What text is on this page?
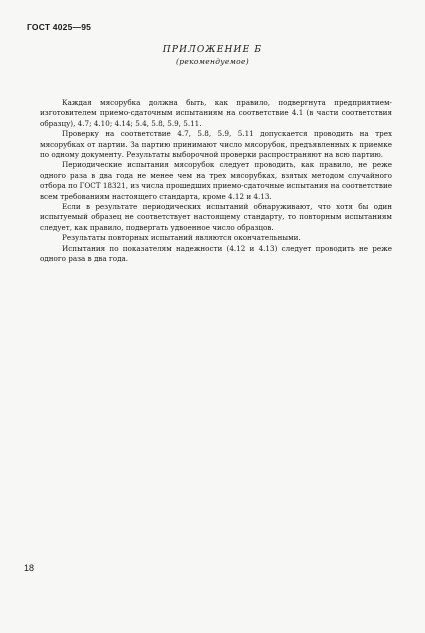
ГОСТ 4025—95
ПРИЛОЖЕНИЕ Б
(рекомендуемое)

Каждая мясорубка должна быть, как правило, подвергнута предприятием-изготовителем приемо-сдаточным испытаниям на соответствие 4.1 (в части соответствия образцу), 4.7; 4.10; 4.14; 5.4, 5.8, 5.9, 5.11.

Проверку на соответствие 4.7, 5.8, 5.9, 5.11 допускается проводить на трех мясорубках от партии. За партию принимают число мясорубок, предъявленных к приемке по одному документу. Результаты выборочной проверки распространяют на всю партию.

Периодические испытания мясорубок следует проводить, как правило, не реже одного раза в два года не менее чем на трех мясорубках, взятых методом случайного отбора по ГОСТ 18321, из числа прошедших приемо-сдаточные испытания на соответствие всем требованиям настоящего стандарта, кроме 4.12 и 4.13.

Если в результате периодических испытаний обнаруживают, что хотя бы один испытуемый образец не соответствует настоящему стандарту, то повторным испытаниям следует, как правило, подвергать удвоенное число образцов.

Результаты повторных испытаний являются окончательными.

Испытания по показателям надежности (4.12 и 4.13) следует проводить не реже одного раза в два года.

18
